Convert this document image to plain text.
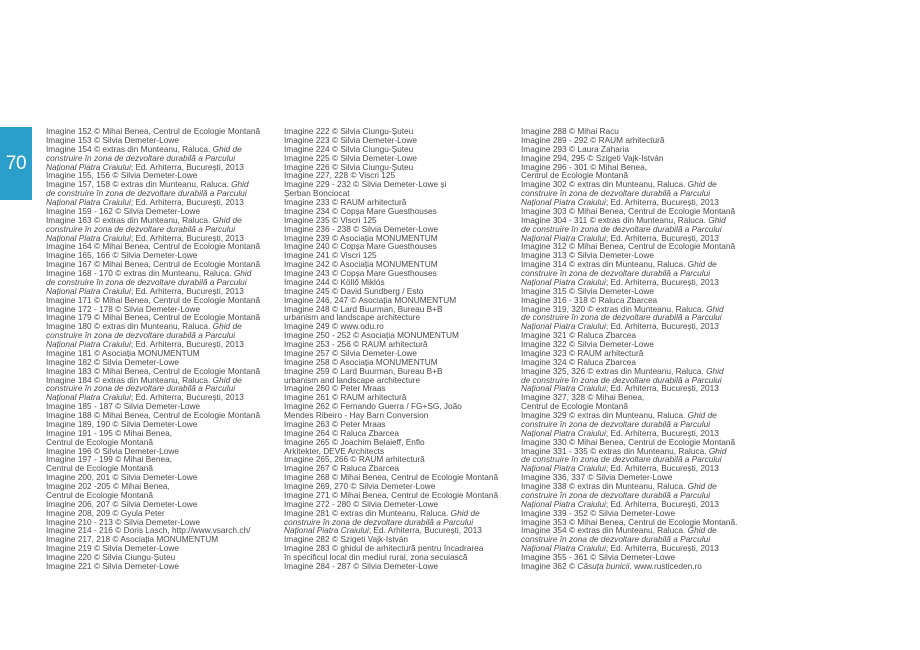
70
Imagine 152 © Mihai Benea, Centrul de Ecologie Montană
Imagine 153 © Silvia Demeter-Lowe
Imagine 154 © extras din Munteanu, Raluca. Ghid de
construire în zona de dezvoltare durabilă a Parcului
Național Piatra Craiului; Ed. Arhiterra, București, 2013
Imagine 155, 156 © Silvia Demeter-Lowe
Imagine 157, 158 © extras din Munteanu, Raluca. Ghid
de construire în zona de dezvoltare durabilă a Parcului
Național Piatra Craiului; Ed. Arhiterra, București, 2013
Imagine 159 - 162 © Silvia Demeter-Lowe
Imagine 163 © extras din Munteanu, Raluca. Ghid de
construire în zona de dezvoltare durabilă a Parcului
Național Piatra Craiului; Ed. Arhiterra, București, 2013
Imagine 164 © Mihai Benea, Centrul de Ecologie Montană
Imagine 165, 166 © Silvia Demeter-Lowe
Imagine 167 © Mihai Benea, Centrul de Ecologie Montană
Imagine 168 - 170 © extras din Munteanu, Raluca. Ghid
de construire în zona de dezvoltare durabilă a Parcului
Național Piatra Craiului; Ed. Arhiterra, București, 2013
Imagine 171 © Mihai Benea, Centrul de Ecologie Montană
Imagine 172 - 178 © Silvia Demeter-Lowe
Imagine 179 © Mihai Benea, Centrul de Ecologie Montană
Imagine 180 © extras din Munteanu, Raluca. Ghid de
construire în zona de dezvoltare durabilă a Parcului
Național Piatra Craiului; Ed. Arhiterra, București, 2013
Imagine 181 © Asociația MONUMENTUM
Imagine 182 © Silvia Demeter-Lowe
Imagine 183 © Mihai Benea, Centrul de Ecologie Montană
Imagine 184 © extras din Munteanu, Raluca. Ghid de
construire în zona de dezvoltare durabilă a Parcului
Național Piatra Craiului; Ed. Arhiterra, București, 2013
Imagine 185 - 187 © Silvia Demeter-Lowe
Imagine 188 © Mihai Benea, Centrul de Ecologie Montană
Imagine 189, 190 © Silvia Demeter-Lowe
Imagine 191 - 195 © Mihai Benea,
Centrul de Ecologie Montană
Imagine 196 © Silvia Demeter-Lowe
Imagine 197 - 199 © Mihai Benea,
Centrul de Ecologie Montană
Imagine 200, 201 © Silvia Demeter-Lowe
Imagine 202 -205 © Mihai Benea,
Centrul de Ecologie Montană
Imagine 206, 207 © Silvia Demeter-Lowe
Imagine 208, 209 © Gyula Peter
Imagine 210 - 213 © Silvia Demeter-Lowe
Imagine 214 - 216 © Doris Lasch, http://www.vsarch.ch/
Imagine 217, 218 © Asociația MONUMENTUM
Imagine 219 © Silvia Demeter-Lowe
Imagine 220 © Silvia Ciungu-Șuteu
Imagine 221 © Silvia Demeter-Lowe
Imagine 222 © Silvia Ciungu-Șuteu
Imagine 223 © Silvia Demeter-Lowe
Imagine 224 © Silvia Ciungu-Șuteu
Imagine 225 © Silvia Demeter-Lowe
Imagine 226 © Silvia Ciungu-Șuteu
Imagine 227, 228 © Viscri 125
Imagine 229 - 232 © Silvia Demeter-Lowe și
Șerban Bonciocat
Imagine 233 © RAUM arhitectură
Imagine 234 © Copșa Mare Guesthouses
Imagine 235 © Viscri 125
Imagine 236 - 238 © Silvia Demeter-Lowe
Imagine 239 © Asociația MONUMENTUM
Imagine 240 © Copșa Mare Guesthouses
Imagine 241 © Viscri 125
Imagine 242 © Asociația MONUMENTUM
Imagine 243 © Copșa Mare Guesthouses
Imagine 244 © Köllő Miklós
Imagine 245 © David Sundberg / Esto
Imagine 246, 247 © Asociația MONUMENTUM
Imagine 248 © Lard Buurman, Bureau B+B
urbanism and landscape architecture
Imagine 249 © www.odu.ro
Imagine 250 - 252 © Asociația MONUMENTUM
Imagine 253 - 256 © RAUM arhitectură
Imagine 257 © Silvia Demeter-Lowe
Imagine 258 © Asociația MONUMENTUM
Imagine 259 © Lard Buurman, Bureau B+B
urbanism and landscape architecture
Imagine 260 © Peter Mraas
Imagine 261 © RAUM arhitectură
Imagine 262 © Fernando Guerra / FG+SG, João
Mendes Ribeiro - Hay Barn Conversion
Imagine 263 © Peter Mraas
Imagine 264 © Raluca Zbarcea
Imagine 265 © Joachim Belaieff, Enflo
Arkitekter, DEVE Architects
Imagine 265, 266 © RAUM arhitectură
Imagine 267 © Raluca Zbarcea
Imagine 268 © Mihai Benea, Centrul de Ecologie Montană
Imagine 269, 270 © Silvia Demeter-Lowe
Imagine 271 © Mihai Benea, Centrul de Ecologie Montană
Imagine 272 - 280 © Silvia Demeter-Lowe
Imagine 281 © extras din Munteanu, Raluca. Ghid de
construire în zona de dezvoltare durabilă a Parcului
Național Piatra Craiului; Ed. Arhiterra, București, 2013
Imagine 282 © Szigeti Vajk-István
Imagine 283 © ghidul de arhitectură pentru încadrarea
în specificul local din mediul rural, zona secuiască
Imagine 284 - 287 © Silvia Demeter-Lowe
Imagine 288 © Mihai Racu
Imagine 289 - 292 © RAUM arhitectură
Imagine 293 © Laura Zaharia
Imagine 294, 295 © Szigeti Vajk-István
Imagine 296 - 301 © Mihai Benea,
Centrul de Ecologie Montană
Imagine 302 © extras din Munteanu, Raluca. Ghid de
construire în zona de dezvoltare durabilă a Parcului
Național Piatra Craiului; Ed. Arhiterra, București, 2013
Imagine 303 © Mihai Benea, Centrul de Ecologie Montană
Imagine 304 - 311 © extras din Munteanu, Raluca. Ghid
de construire în zona de dezvoltare durabilă a Parcului
Național Piatra Craiului; Ed. Arhiterra, București, 2013
Imagine 312 © Mihai Benea, Centrul de Ecologie Montană
Imagine 313 © Silvia Demeter-Lowe
Imagine 314 © extras din Munteanu, Raluca. Ghid de
construire în zona de dezvoltare durabilă a Parcului
Național Piatra Craiului; Ed. Arhiterra, București, 2013
Imagine 315 © Silvia Demeter-Lowe
Imagine 316 - 318 © Raluca Zbarcea
Imagine 319, 320 © extras din Munteanu, Raluca. Ghid
de construire în zona de dezvoltare durabilă a Parcului
Național Piatra Craiului; Ed. Arhiterra, București, 2013
Imagine 321 © Raluca Zbarcea
Imagine 322 © Silvia Demeter-Lowe
Imagine 323 © RAUM arhitectură
Imagine 324 © Raluca Zbarcea
Imagine 325, 326 © extras din Munteanu, Raluca. Ghid
de construire în zona de dezvoltare durabilă a Parcului
Național Piatra Craiului; Ed. Arhiterra, București, 2013
Imagine 327, 328 © Mihai Benea,
Centrul de Ecologie Montană
Imagine 329 © extras din Munteanu, Raluca. Ghid de
construire în zona de dezvoltare durabilă a Parcului
Național Piatra Craiului; Ed. Arhiterra, București, 2013
Imagine 330 © Mihai Benea, Centrul de Ecologie Montană
Imagine 331 - 335 © extras din Munteanu, Raluca. Ghid
de construire în zona de dezvoltare durabilă a Parcului
Național Piatra Craiului; Ed. Arhiterra, București, 2013
Imagine 336, 337 © Silvia Demeter-Lowe
Imagine 338 © extras din Munteanu, Raluca. Ghid de
construire în zona de dezvoltare durabilă a Parcului
Național Piatra Craiului; Ed. Arhiterra, București, 2013
Imagine 339 - 352 © Silvia Demeter-Lowe
Imagine 353 © Mihai Benea, Centrul de Ecologie Montană.
Imagine 354 © extras din Munteanu, Raluca. Ghid de
construire în zona de dezvoltare durabilă a Parcului
Național Piatra Craiului; Ed. Arhiterra, București, 2013
Imagine 355 - 361 © Silvia Demeter-Lowe
Imagine 362 © Căsuța bunicii, www.rusticeden.ro
